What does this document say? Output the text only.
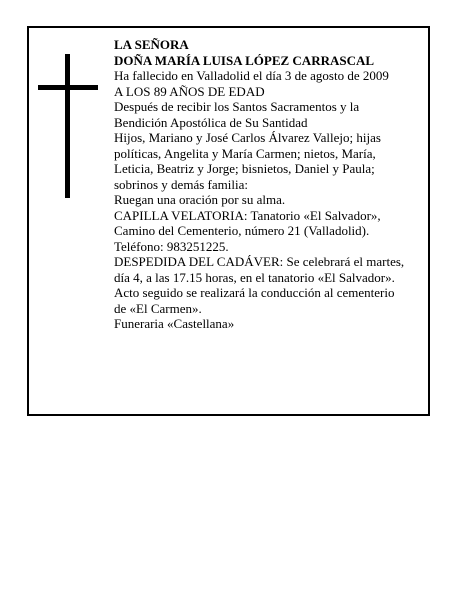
LA SEÑORA
DOÑA MARÍA LUISA LÓPEZ CARRASCAL
Ha fallecido en Valladolid el día 3 de agosto de 2009
A LOS 89 AÑOS DE EDAD
Después de recibir los Santos Sacramentos y la
Bendición Apostólica de Su Santidad
Hijos, Mariano y José Carlos Álvarez Vallejo; hijas
políticas, Angelita y María Carmen; nietos, María,
Leticia, Beatriz y Jorge; bisnietos, Daniel y Paula;
sobrinos y demás familia:
Ruegan una oración por su alma.
CAPILLA VELATORIA: Tanatorio «El Salvador»,
Camino del Cementerio, número 21 (Valladolid).
Teléfono: 983251225.
DESPEDIDA DEL CADÁVER: Se celebrará el martes,
día 4, a las 17.15 horas, en el tanatorio «El Salvador».
Acto seguido se realizará la conducción al cementerio
de «El Carmen».
Funeraria «Castellana»
